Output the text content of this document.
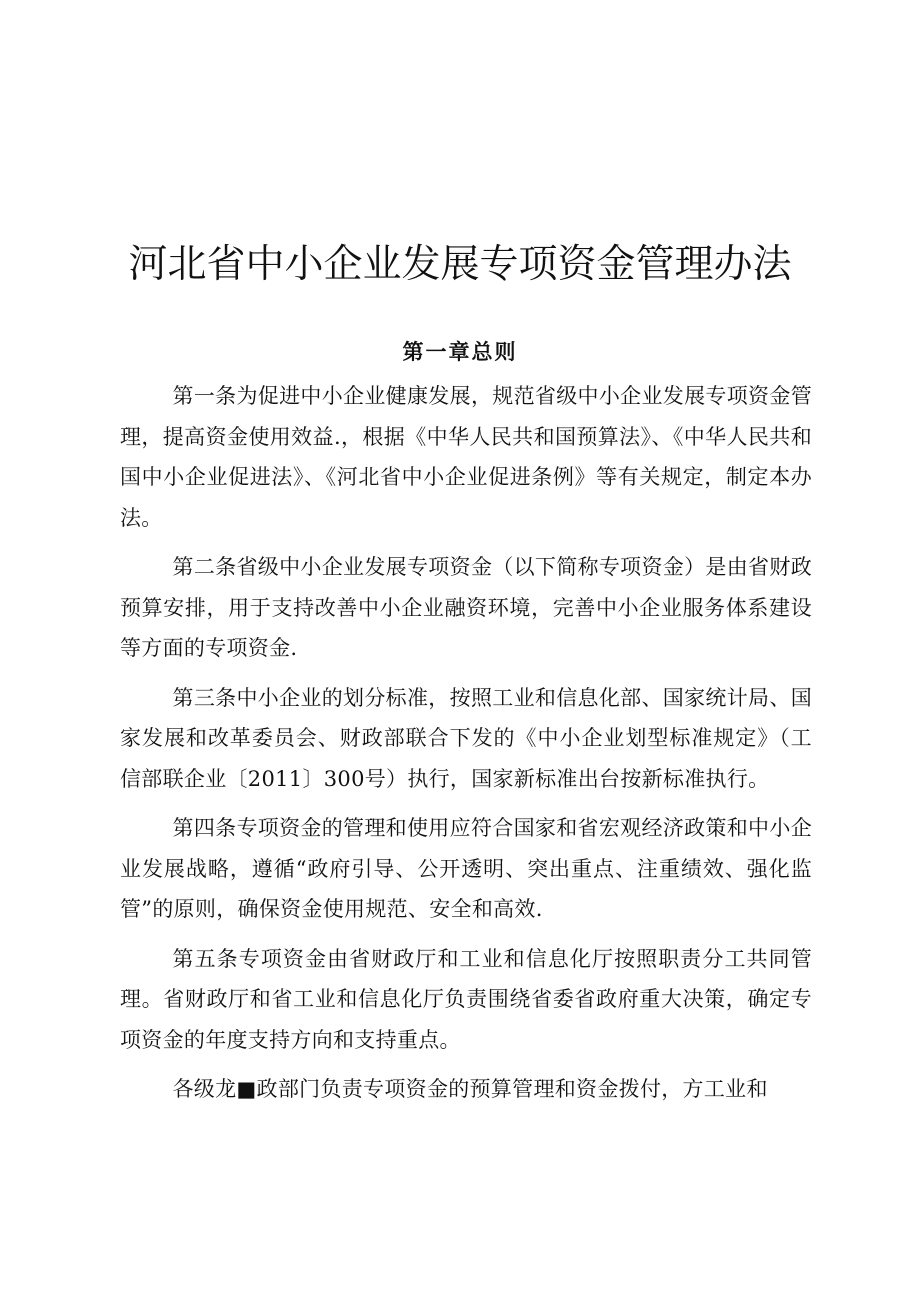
河北省中小企业发展专项资金管理办法
第一章总则

第一条为促进中小企业健康发展，规范省级中小企业发展专项资金管理，提高资金使用效益.，根据《中华人民共和国预算法》、《中华人民共和国中小企业促进法》、《河北省中小企业促进条例》等有关规定，制定本办法。

第二条省级中小企业发展专项资金（以下简称专项资金）是由省财政预算安排，用于支持改善中小企业融资环境，完善中小企业服务体系建设等方面的专项资金.

第三条中小企业的划分标准，按照工业和信息化部、国家统计局、国家发展和改革委员会、财政部联合下发的《中小企业划型标准规定》（工信部联企业〔2011〕300号）执行，国家新标准出台按新标准执行。

第四条专项资金的管理和使用应符合国家和省宏观经济政策和中小企业发展战略，遵循“政府引导、公开透明、突出重点、注重绩效、强化监管”的原则，确保资金使用规范、安全和高效.

第五条专项资金由省财政厅和工业和信息化厅按照职责分工共同管理。省财政厅和省工业和信息化厅负责围绕省委省政府重大决策，确定专项资金的年度支持方向和支持重点。

各级龙■政部门负责专项资金的预算管理和资金拨付，方工业和
